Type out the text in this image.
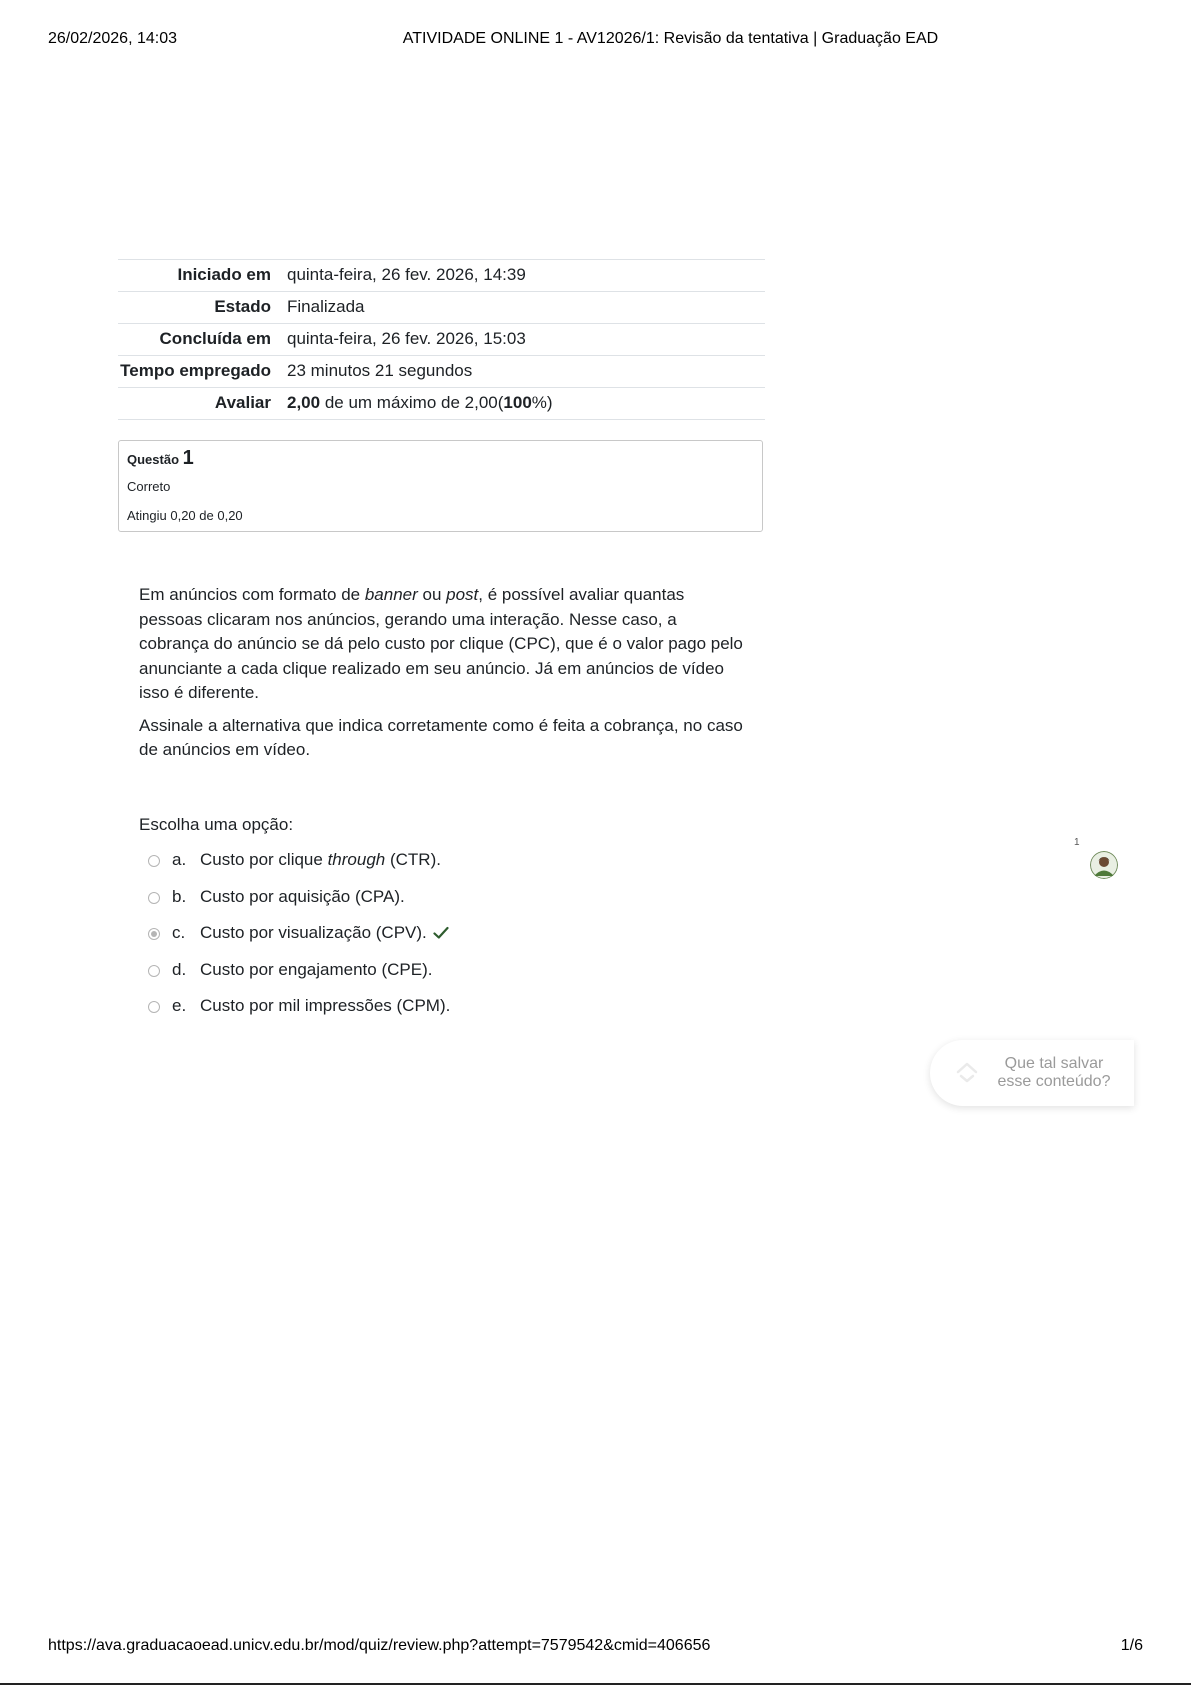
26/02/2026, 14:03	ATIVIDADE ONLINE 1 - AV12026/1: Revisão da tentativa | Graduação EAD
Iniciado em	quinta-feira, 26 fev. 2026, 14:39
Estado	Finalizada
Concluída em	quinta-feira, 26 fev. 2026, 15:03
Tempo empregado	23 minutos 21 segundos
Avaliar	2,00 de um máximo de 2,00(100%)
Questão 1
Correto
Atingiu 0,20 de 0,20

Em anúncios com formato de banner ou post, é possível avaliar quantas pessoas clicaram nos anúncios, gerando uma interação. Nesse caso, a cobrança do anúncio se dá pelo custo por clique (CPC), que é o valor pago pelo anunciante a cada clique realizado em seu anúncio. Já em anúncios de vídeo isso é diferente.

Assinale a alternativa que indica corretamente como é feita a cobrança, no caso de anúncios em vídeo.

Escolha uma opção:
a. Custo por clique through (CTR).
b. Custo por aquisição (CPA).
c. Custo por visualização (CPV).
d. Custo por engajamento (CPE).
e. Custo por mil impressões (CPM).
1
Que tal salvar
esse conteúdo?
https://ava.graduacaoead.unicv.edu.br/mod/quiz/review.php?attempt=7579542&cmid=406656	1/6
